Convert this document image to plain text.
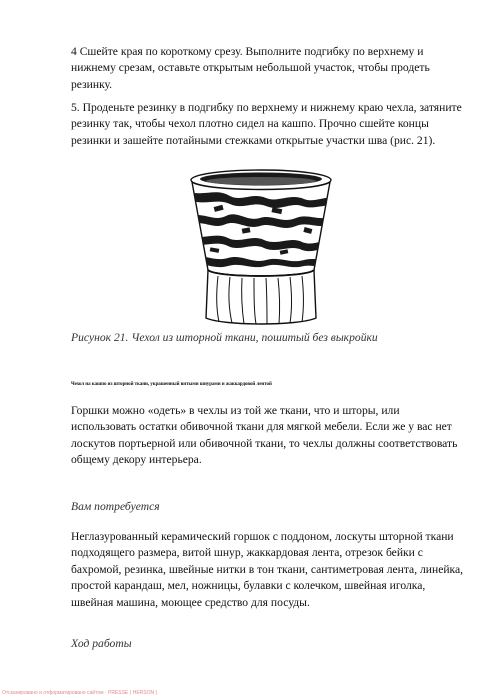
4 Сшейте края по короткому срезу. Выполните подгибку по верхнему и нижнему срезам, оставьте открытым небольшой участок, чтобы продеть резинку.

5. Проденьте резинку в подгибку по верхнему и нижнему краю чехла, затяните резинку так, чтобы чехол плотно сидел на кашпо. Прочно сшейте концы резинки и зашейте потайными стежками открытые участки шва (рис. 21).

Рисунок 21. Чехол из шторной ткани, пошитый без выкройки

Чехол на кашпо из шторной ткани, украшенный витыми шнурами и жаккардовой лентой

Горшки можно «одеть» в чехлы из той же ткани, что и шторы, или использовать остатки обивочной ткани для мягкой мебели. Если же у вас нет лоскутов портьерной или обивочной ткани, то чехлы должны соответствовать общему декору интерьера.

Вам потребуется

Неглазурованный керамический горшок с поддоном, лоскуты шторной ткани подходящего размера, витой шнур, жаккардовая лента, отрезок бейки с бахромой, резинка, швейные нитки в тон ткани, сантиметровая лента, линейка, простой карандаш, мел, ножницы, булавки с колечком, швейная иголка, швейная машина, моющее средство для посуды.

Ход работы

Отсканировано и отформатировано сайтом · PRESSE ( HERSON )
